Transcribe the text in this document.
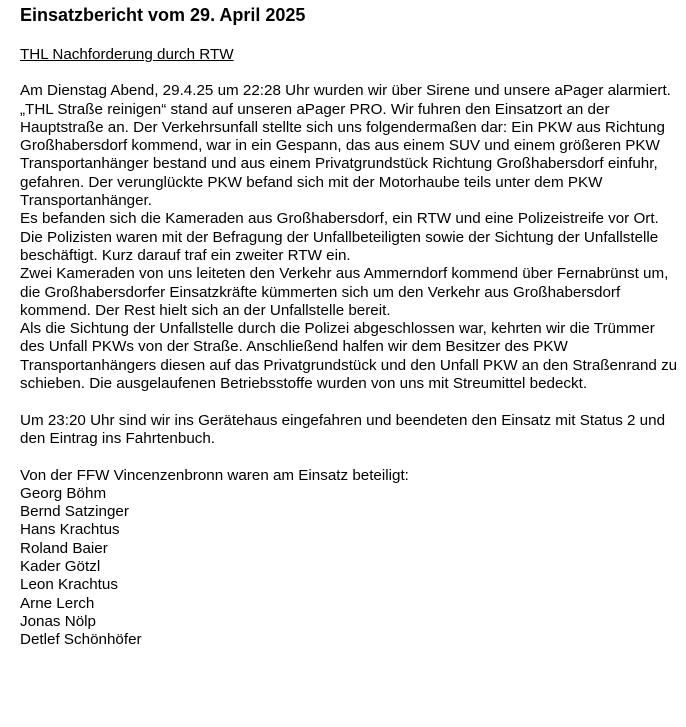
Einsatzbericht vom 29. April 2025
THL Nachforderung durch RTW

Am Dienstag Abend, 29.4.25 um 22:28 Uhr wurden wir über Sirene und unsere aPager alarmiert.

„THL Straße reinigen“ stand auf unseren aPager PRO. Wir fuhren den Einsatzort an der Hauptstraße an. Der Verkehrsunfall stellte sich uns folgendermaßen dar: Ein PKW aus Richtung Großhabersdorf kommend, war in ein Gespann, das aus einem SUV und einem größeren PKW Transportanhänger bestand und aus einem Privatgrundstück Richtung Großhabersdorf einfuhr, gefahren. Der verunglückte PKW befand sich mit der Motorhaube teils unter dem PKW Transportanhänger.

Es befanden sich die Kameraden aus Großhabersdorf, ein RTW und eine Polizeistreife vor Ort. Die Polizisten waren mit der Befragung der Unfallbeteiligten sowie der Sichtung der Unfallstelle beschäftigt. Kurz darauf traf ein zweiter RTW ein.

Zwei Kameraden von uns leiteten den Verkehr aus Ammerndorf kommend über Fernabrünst um, die Großhabersdorfer Einsatzkräfte kümmerten sich um den Verkehr aus Großhabersdorf kommend. Der Rest hielt sich an der Unfallstelle bereit.

Als die Sichtung der Unfallstelle durch die Polizei abgeschlossen war, kehrten wir die Trümmer des Unfall PKWs von der Straße. Anschließend halfen wir dem Besitzer des PKW Transportanhängers diesen auf das Privatgrundstück und den Unfall PKW an den Straßenrand zu schieben. Die ausgelaufenen Betriebsstoffe wurden von uns mit Streumittel bedeckt.

Um 23:20 Uhr sind wir ins Gerätehaus eingefahren und beendeten den Einsatz mit Status 2 und den Eintrag ins Fahrtenbuch.

Von der FFW Vincenzenbronn waren am Einsatz beteiligt:

Georg Böhm
Bernd Satzinger
Hans Krachtus
Roland Baier
Kader Götzl
Leon Krachtus
Arne Lerch
Jonas Nölp
Detlef Schönhöfer
